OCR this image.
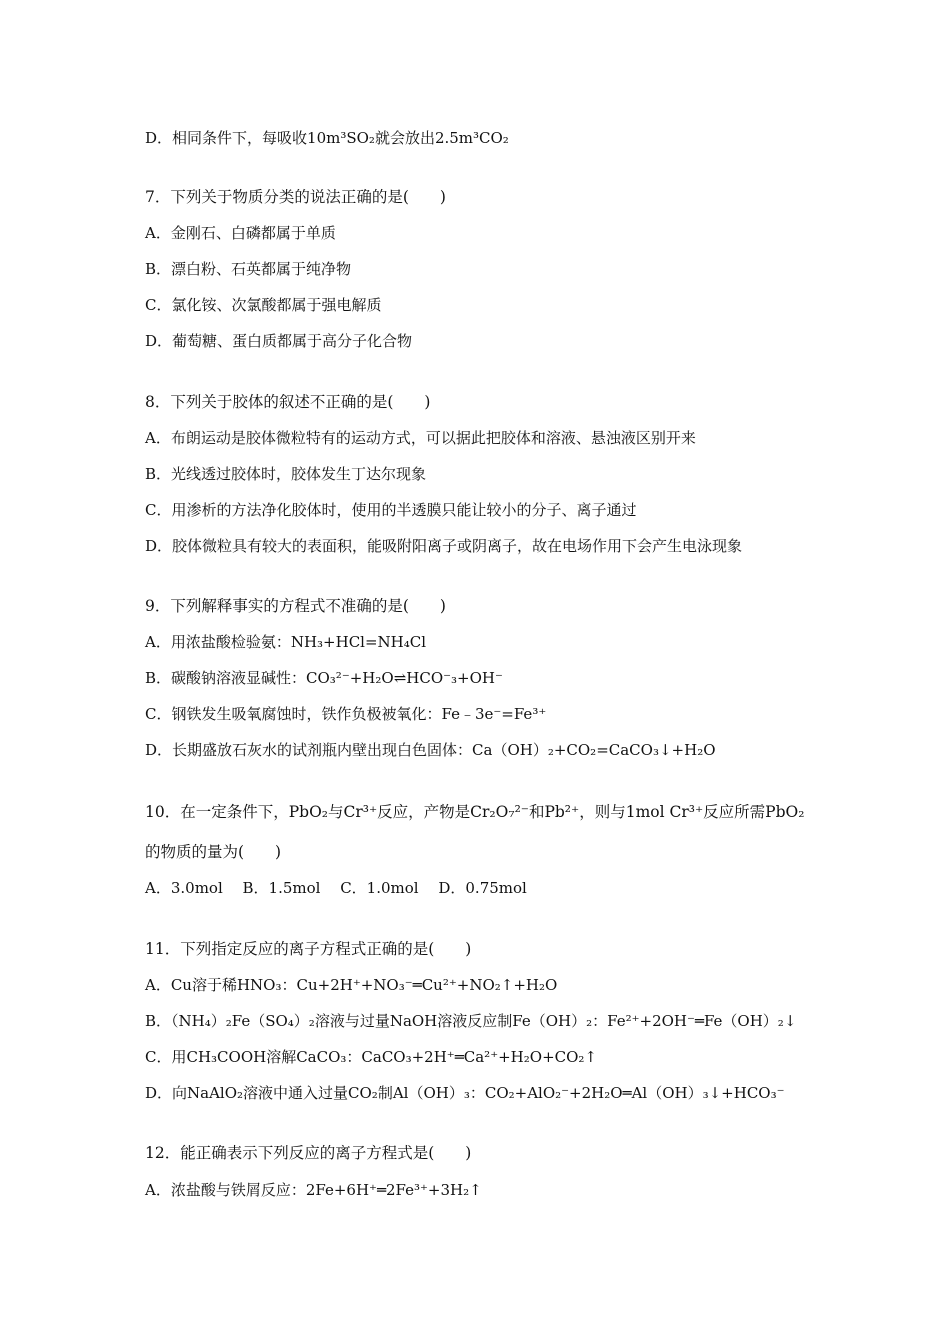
D．相同条件下，每吸收10m³SO₂就会放出2.5m³CO₂
7．下列关于物质分类的说法正确的是(　　)
A．金刚石、白磷都属于单质
B．漂白粉、石英都属于纯净物
C．氯化铵、次氯酸都属于强电解质
D．葡萄糖、蛋白质都属于高分子化合物
8．下列关于胶体的叙述不正确的是(　　)
A．布朗运动是胶体微粒特有的运动方式，可以据此把胶体和溶液、悬浊液区别开来
B．光线透过胶体时，胶体发生丁达尔现象
C．用渗析的方法净化胶体时，使用的半透膜只能让较小的分子、离子通过
D．胶体微粒具有较大的表面积，能吸附阳离子或阴离子，故在电场作用下会产生电泳现象
9．下列解释事实的方程式不准确的是(　　)
A．用浓盐酸检验氨：NH₃+HCl=NH₄Cl
B．碳酸钠溶液显碱性：CO₃²⁻+H₂O⇌HCO⁻₃+OH⁻
C．钢铁发生吸氧腐蚀时，铁作负极被氧化：Fe﹣3e⁻=Fe³⁺
D．长期盛放石灰水的试剂瓶内壁出现白色固体：Ca（OH）₂+CO₂=CaCO₃↓+H₂O
10．在一定条件下，PbO₂与Cr³⁺反应，产物是Cr₂O₇²⁻和Pb²⁺，则与1mol Cr³⁺反应所需PbO₂
的物质的量为(　　)
A．3.0mol　 B．1.5mol　 C．1.0mol　 D．0.75mol
11．下列指定反应的离子方程式正确的是(　　)
A．Cu溶于稀HNO₃：Cu+2H⁺+NO₃⁻═Cu²⁺+NO₂↑+H₂O
B．（NH₄）₂Fe（SO₄）₂溶液与过量NaOH溶液反应制Fe（OH）₂：Fe²⁺+2OH⁻═Fe（OH）₂↓
C．用CH₃COOH溶解CaCO₃：CaCO₃+2H⁺═Ca²⁺+H₂O+CO₂↑
D．向NaAlO₂溶液中通入过量CO₂制Al（OH）₃：CO₂+AlO₂⁻+2H₂O═Al（OH）₃↓+HCO₃⁻
12．能正确表示下列反应的离子方程式是(　　)
A．浓盐酸与铁屑反应：2Fe+6H⁺═2Fe³⁺+3H₂↑
